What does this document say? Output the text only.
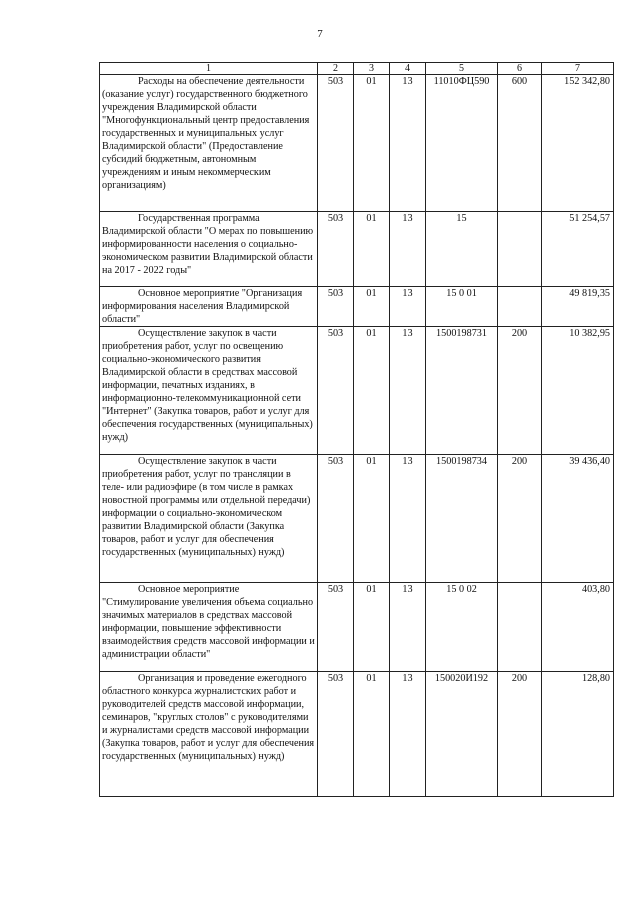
7
1	2	3	4	5	6	7

Расходы на обеспечение деятельности (оказание услуг) государственного бюджетного учреждения Владимирской области "Многофункциональный центр предоставления государственных и муниципальных услуг Владимирской области" (Предоставление субсидий бюджетным, автономным учреждениям и иным некоммерческим организациям)	503	01	13	11010ФЦ590	600	152 342,80

Государственная программа Владимирской области "О мерах по повышению информированности населения о социально-экономическом развитии Владимирской области на 2017 - 2022 годы"	503	01	13	15		51 254,57

Основное мероприятие "Организация информирования населения Владимирской области"	503	01	13	15 0 01		49 819,35

Осуществление закупок в части приобретения работ, услуг по освещению социально-экономического развития Владимирской области в средствах массовой информации, печатных изданиях, в информационно-телекоммуникационной сети "Интернет" (Закупка товаров, работ и услуг для обеспечения государственных (муниципальных) нужд)	503	01	13	1500198731	200	10 382,95

Осуществление закупок в части приобретения работ, услуг по трансляции в теле- или радиоэфире (в том числе в рамках новостной программы или отдельной передачи) информации о социально-экономическом развитии Владимирской области (Закупка товаров, работ и услуг для обеспечения государственных (муниципальных) нужд)	503	01	13	1500198734	200	39 436,40

Основное мероприятие "Стимулирование увеличения объема социально значимых материалов в средствах массовой информации, повышение эффективности взаимодействия средств массовой информации и администрации области"	503	01	13	15 0 02		403,80

Организация и проведение ежегодного областного конкурса журналистских работ и руководителей средств массовой информации, семинаров, "круглых столов" с руководителями и журналистами средств массовой информации (Закупка товаров, работ и услуг для обеспечения государственных (муниципальных) нужд)	503	01	13	150020И192	200	128,80
